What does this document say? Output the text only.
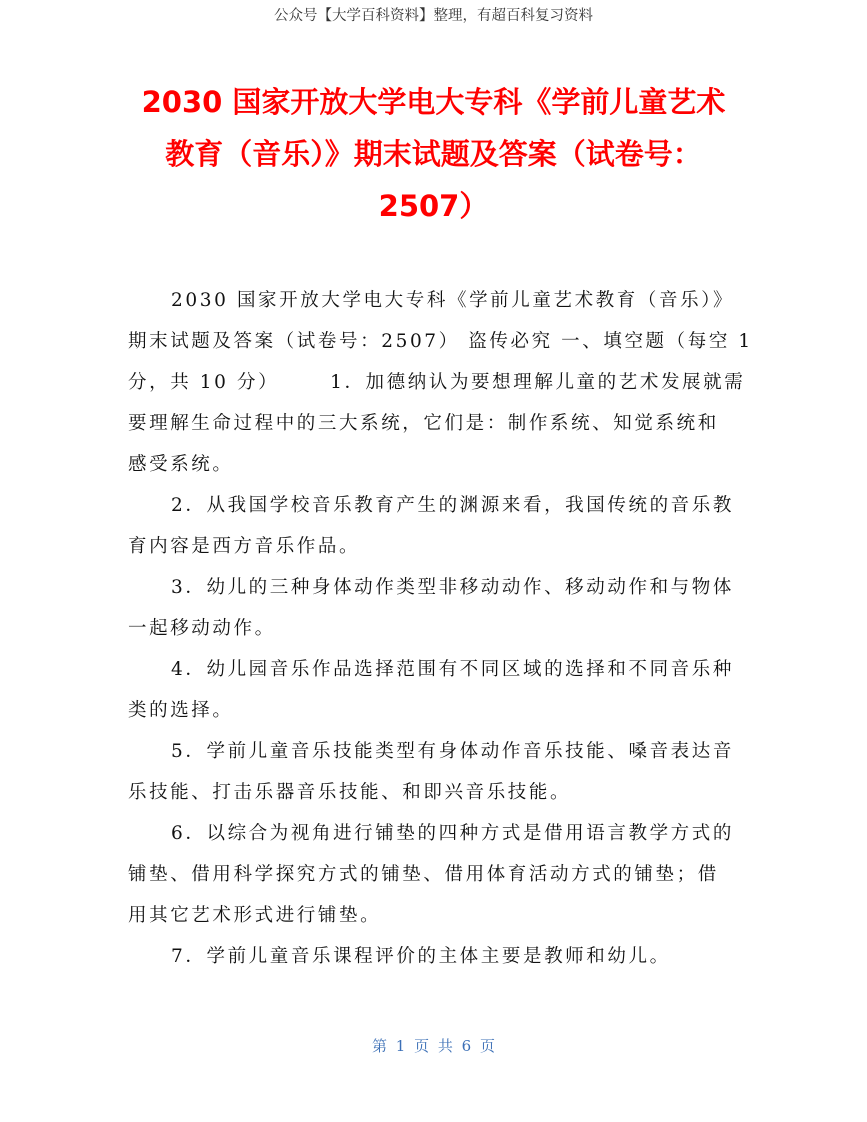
公众号【大学百科资料】整理，有超百科复习资料
2030 国家开放大学电大专科《学前儿童艺术
教育（音乐）》期末试题及答案（试卷号：
2507）
2030 国家开放大学电大专科《学前儿童艺术教育（音乐）》
期末试题及答案（试卷号：2507） 盗传必究 一、填空题（每空 1
分，共 10 分）      1．加德纳认为要想理解儿童的艺术发展就需
要理解生命过程中的三大系统，它们是：制作系统、知觉系统和
感受系统。
2．从我国学校音乐教育产生的渊源来看，我国传统的音乐教
育内容是西方音乐作品。
3．幼儿的三种身体动作类型非移动动作、移动动作和与物体
一起移动动作。
4．幼儿园音乐作品选择范围有不同区域的选择和不同音乐种
类的选择。
5．学前儿童音乐技能类型有身体动作音乐技能、嗓音表达音
乐技能、打击乐器音乐技能、和即兴音乐技能。
6．以综合为视角进行铺垫的四种方式是借用语言教学方式的
铺垫、借用科学探究方式的铺垫、借用体育活动方式的铺垫；借
用其它艺术形式进行铺垫。
7．学前儿童音乐课程评价的主体主要是教师和幼儿。
第 1 页 共 6 页
